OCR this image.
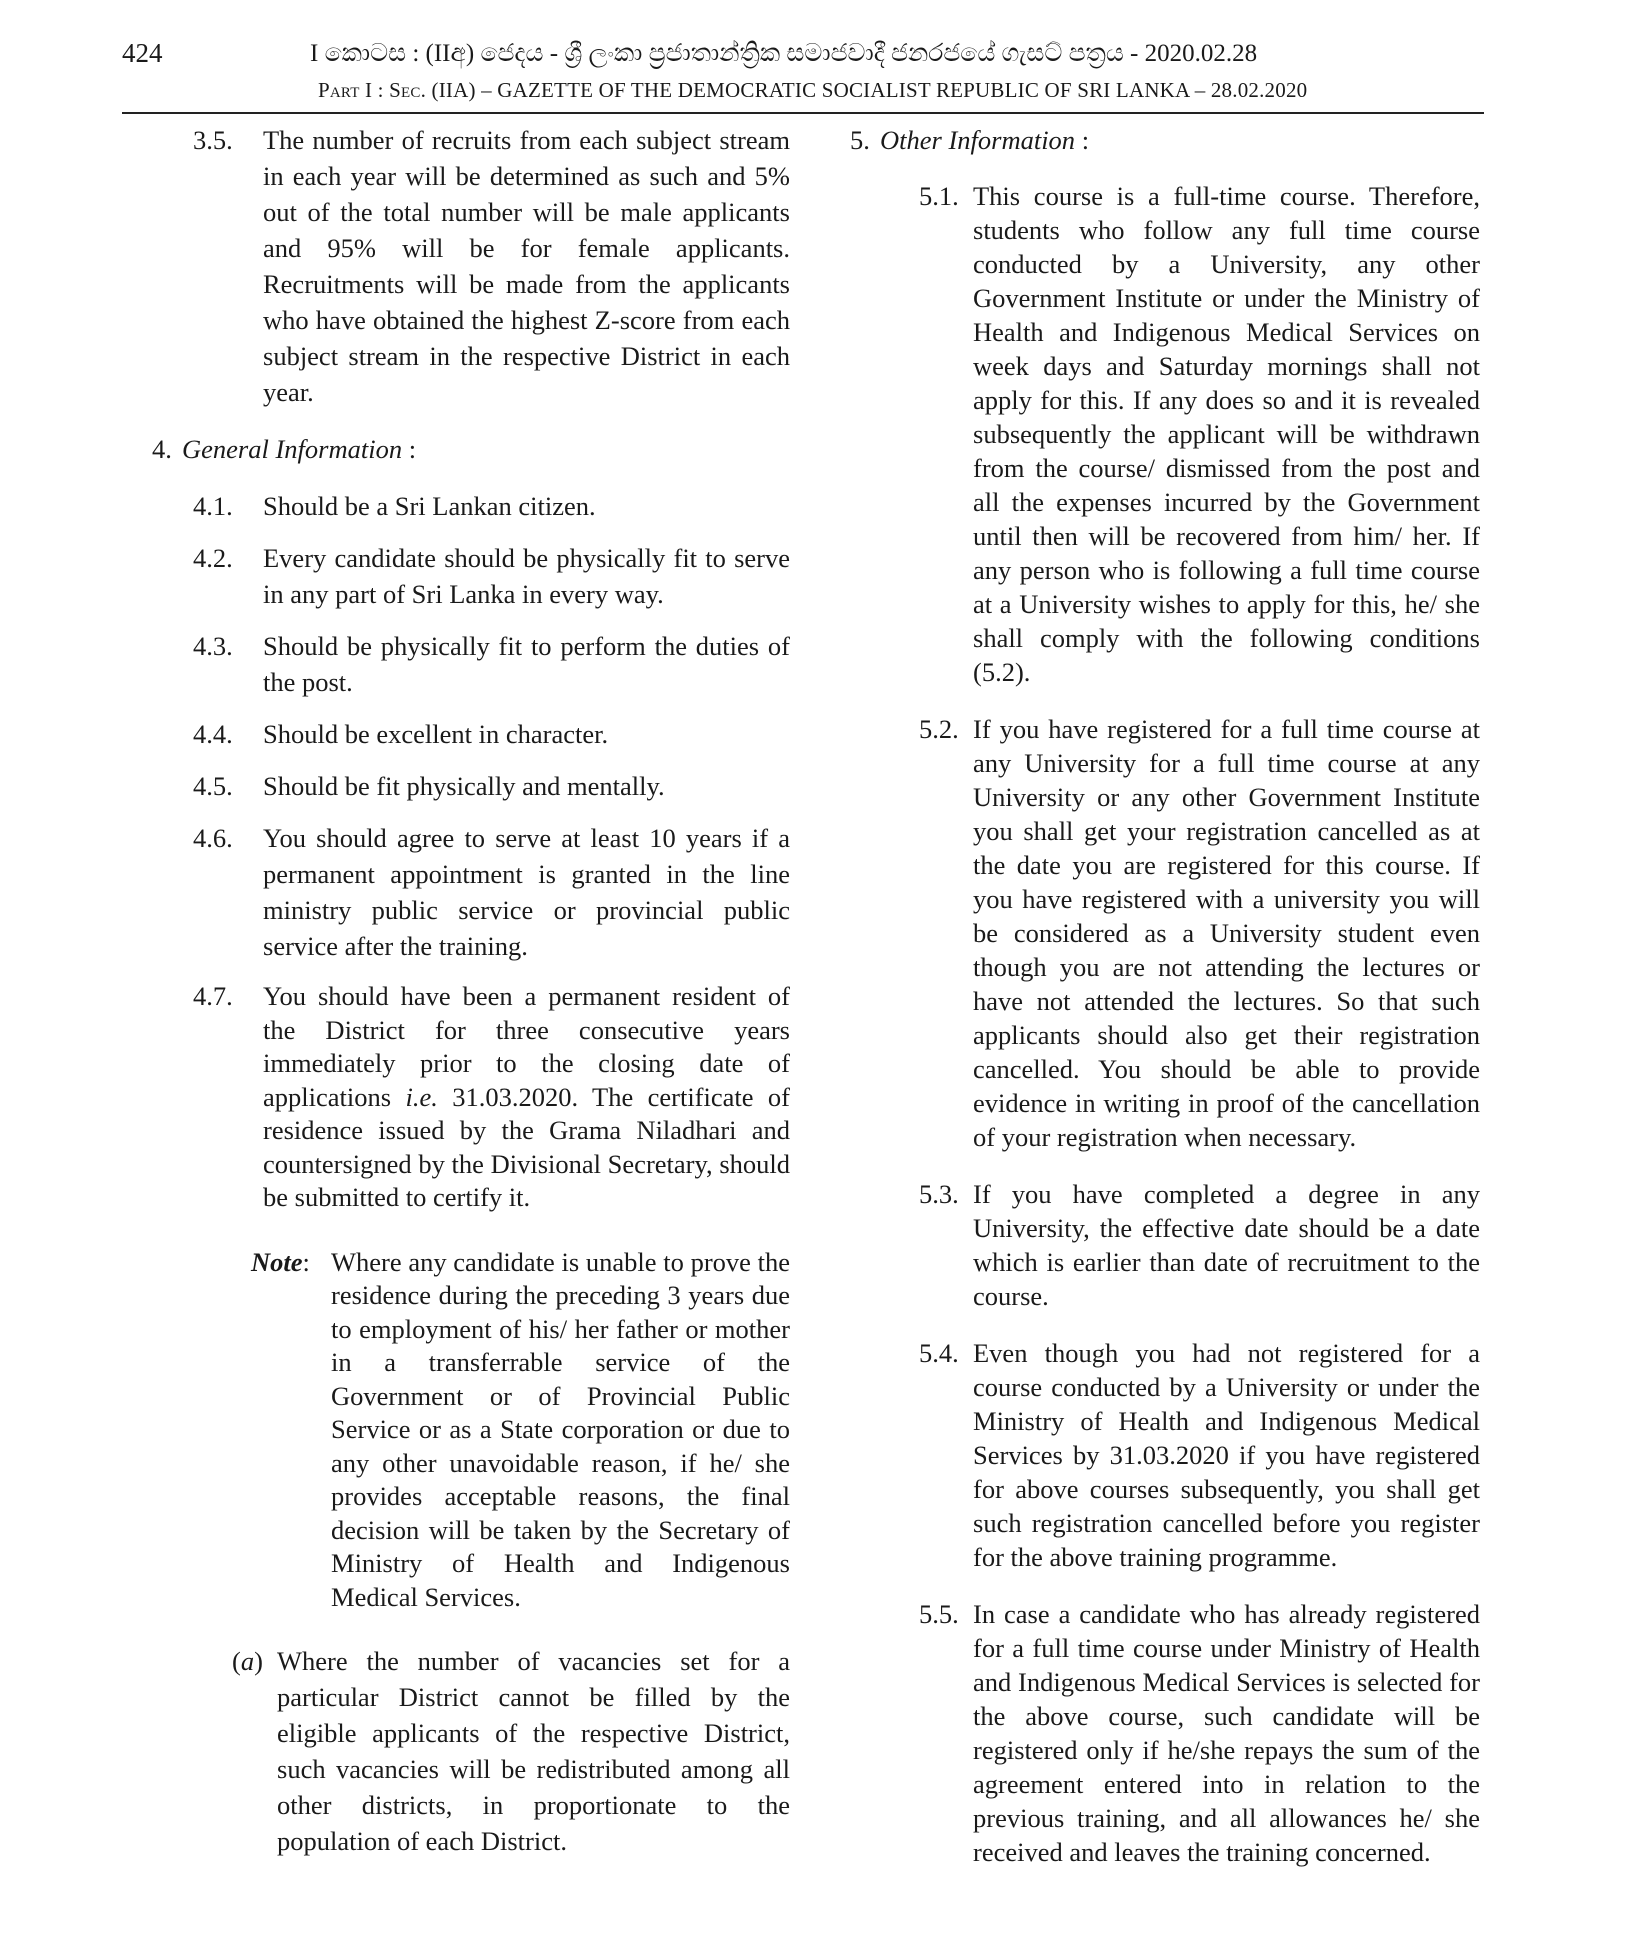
424	I කොටස : (IIඅ) ජෙදය - ශ්‍රී ලංකා ප්‍රජාතාන්ත්‍රික සමාජවාදී ජනරජයේ ගැසට් පත්‍රය - 2020.02.28
Part I : Sec. (IIA) – GAZETTE OF THE DEMOCRATIC SOCIALIST REPUBLIC OF SRI LANKA – 28.02.2020
3.5.	The number of recruits from each subject stream in each year will be determined as such and 5% out of the total number will be male applicants and 95% will be for female applicants. Recruitments will be made from the applicants who have obtained the highest Z-score from each subject stream in the respective District in each year.
4. General Information :
4.1.	Should be a Sri Lankan citizen.
4.2.	Every candidate should be physically fit to serve in any part of Sri Lanka in every way.
4.3.	Should be physically fit to perform the duties of the post.
4.4.	Should be excellent in character.
4.5.	Should be fit physically and mentally.
4.6.	You should agree to serve at least 10 years if a permanent appointment is granted in the line ministry public service or provincial public service after the training.
4.7.	You should have been a permanent resident of the District for three consecutive years immediately prior to the closing date of applications i.e. 31.03.2020. The certificate of residence issued by the Grama Niladhari and countersigned by the Divisional Secretary, should be submitted to certify it.
Note: Where any candidate is unable to prove the residence during the preceding 3 years due to employment of his/ her father or mother in a transferrable service of the Government or of Provincial Public Service or as a State corporation or due to any other unavoidable reason, if he/ she provides acceptable reasons, the final decision will be taken by the Secretary of Ministry of Health and Indigenous Medical Services.
(a) Where the number of vacancies set for a particular District cannot be filled by the eligible applicants of the respective District, such vacancies will be redistributed among all other districts, in proportionate to the population of each District.
5. Other Information :
5.1. This course is a full-time course. Therefore, students who follow any full time course conducted by a University, any other Government Institute or under the Ministry of Health and Indigenous Medical Services on week days and Saturday mornings shall not apply for this. If any does so and it is revealed subsequently the applicant will be withdrawn from the course/ dismissed from the post and all the expenses incurred by the Government until then will be recovered from him/ her. If any person who is following a full time course at a University wishes to apply for this, he/ she shall comply with the following conditions (5.2).
5.2. If you have registered for a full time course at any University for a full time course at any University or any other Government Institute you shall get your registration cancelled as at the date you are registered for this course. If you have registered with a university you will be considered as a University student even though you are not attending the lectures or have not attended the lectures. So that such applicants should also get their registration cancelled. You should be able to provide evidence in writing in proof of the cancellation of your registration when necessary.
5.3. If you have completed a degree in any University, the effective date should be a date which is earlier than date of recruitment to the course.
5.4. Even though you had not registered for a course conducted by a University or under the Ministry of Health and Indigenous Medical Services by 31.03.2020 if you have registered for above courses subsequently, you shall get such registration cancelled before you register for the above training programme.
5.5. In case a candidate who has already registered for a full time course under Ministry of Health and Indigenous Medical Services is selected for the above course, such candidate will be registered only if he/she repays the sum of the agreement entered into in relation to the previous training, and all allowances he/ she received and leaves the training concerned.
